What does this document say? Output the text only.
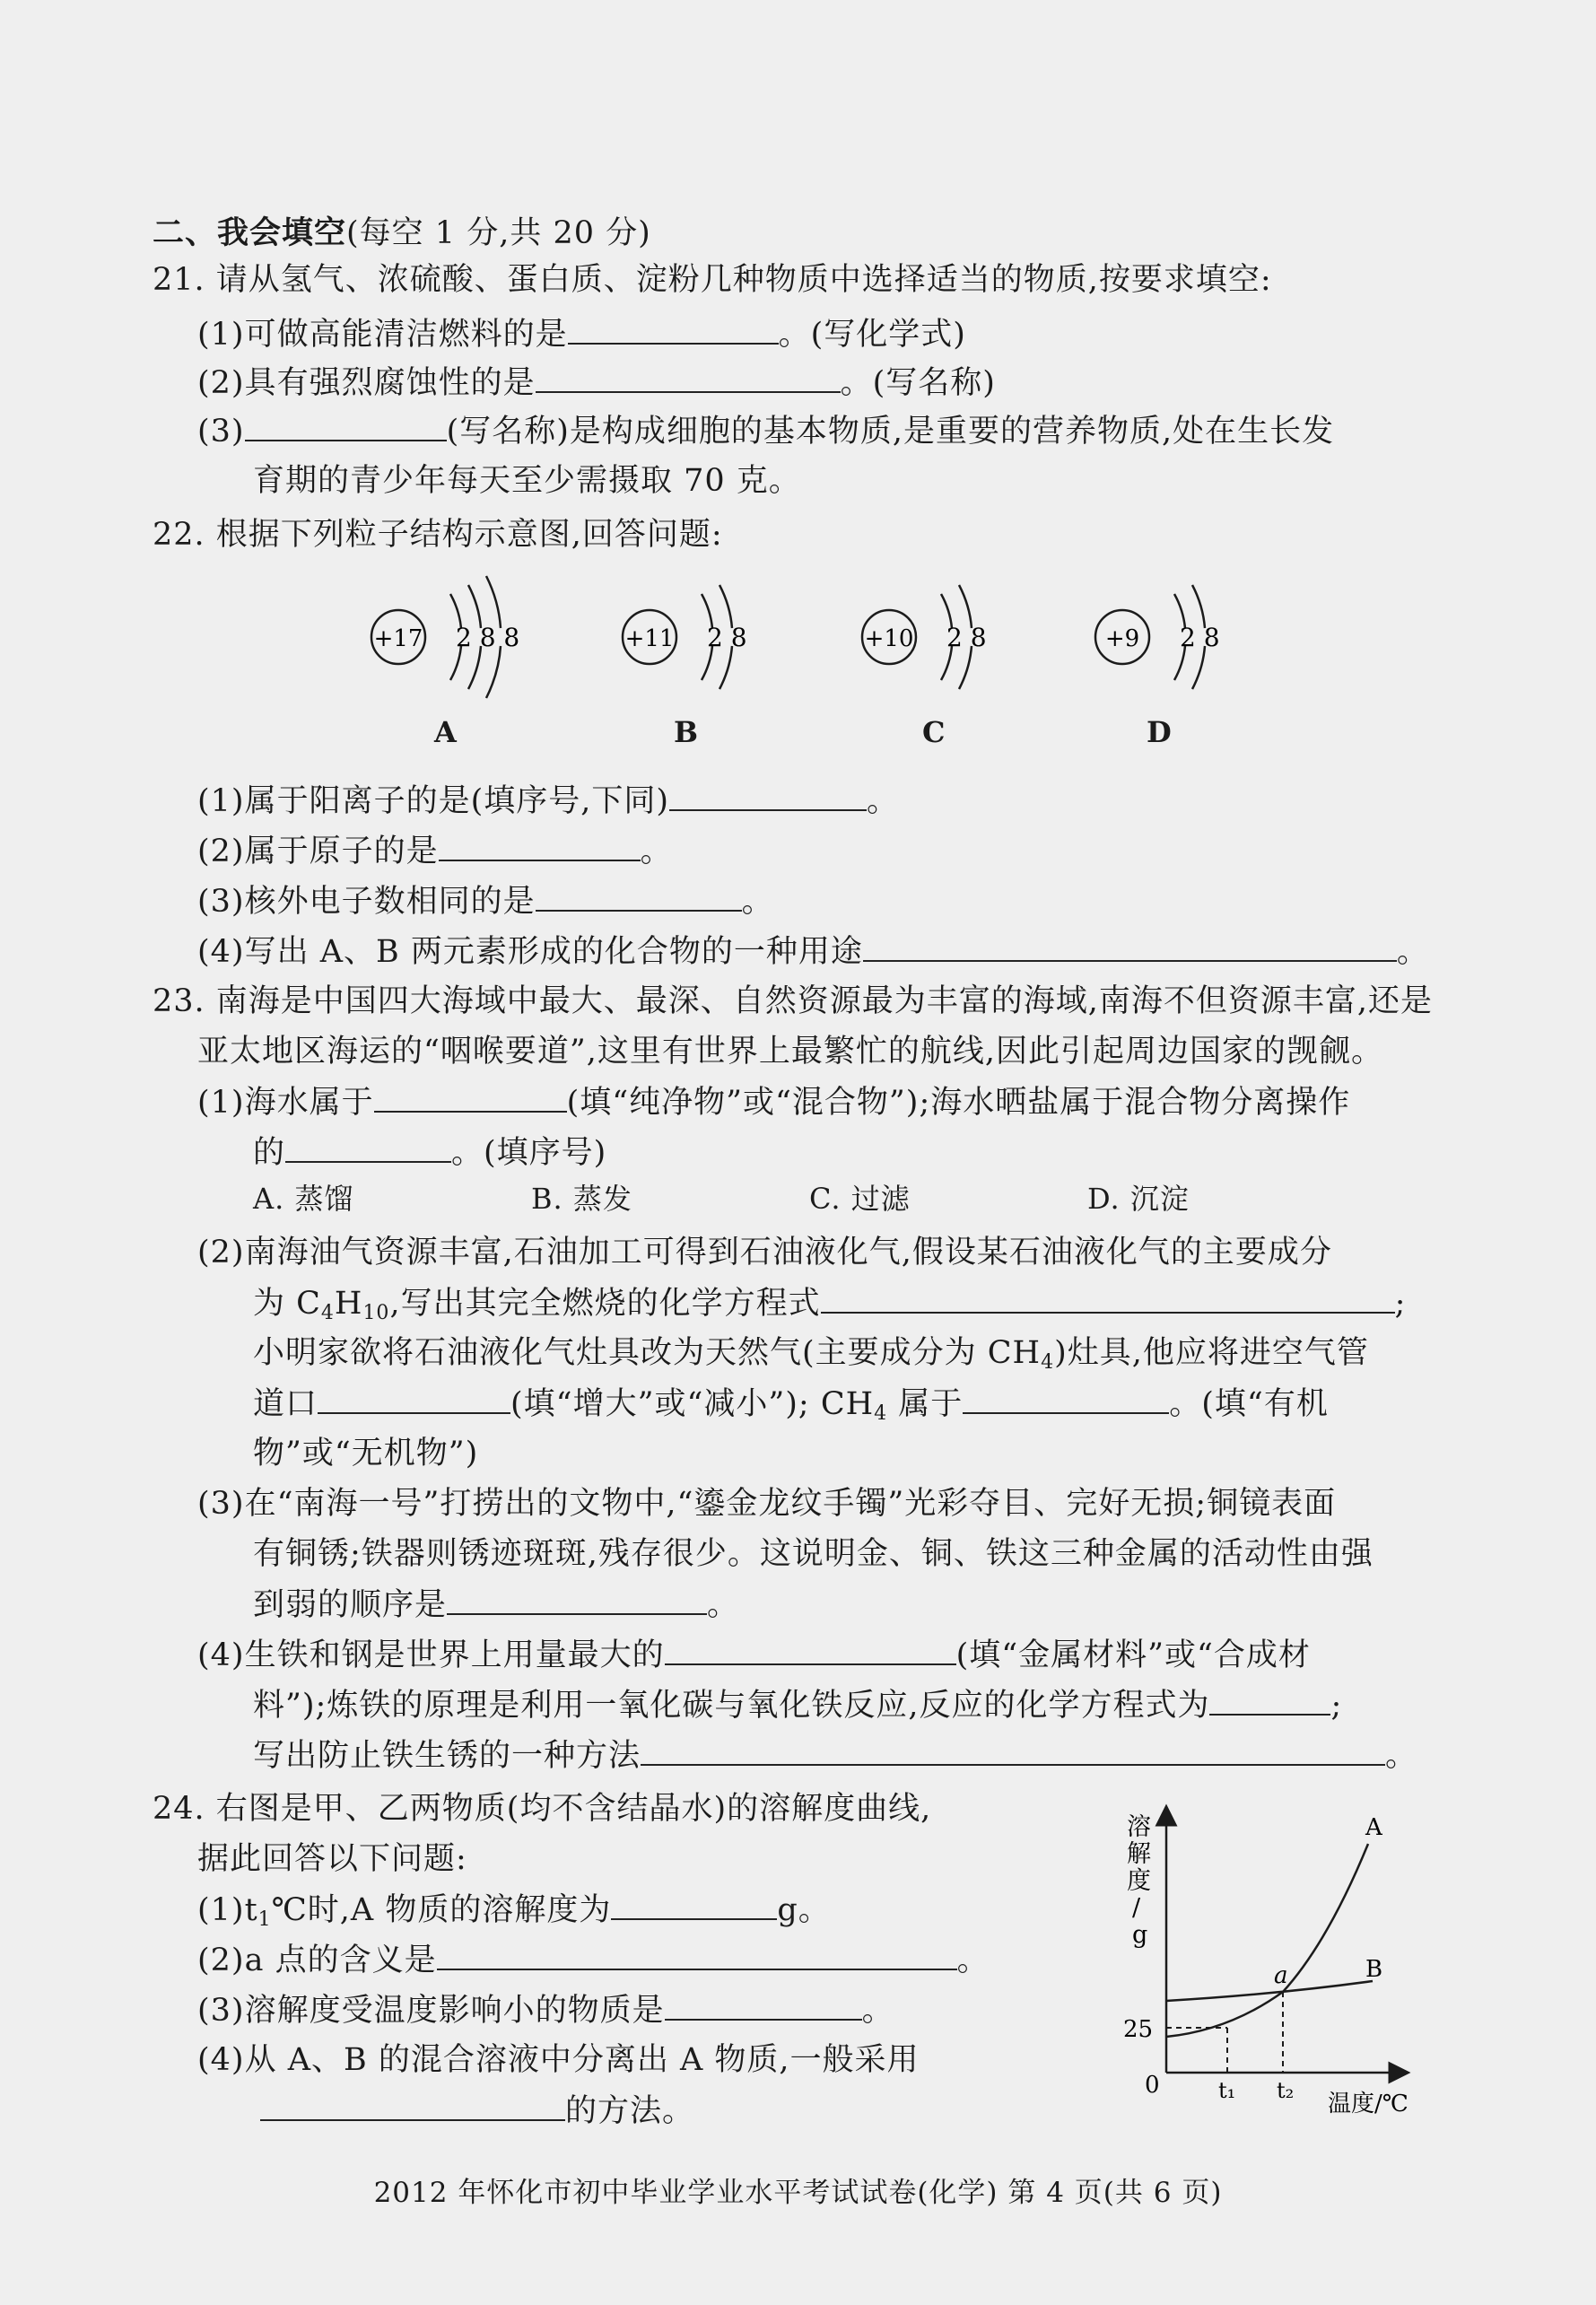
二、我会填空(每空 1 分,共 20 分)
21. 请从氢气、浓硫酸、蛋白质、淀粉几种物质中选择适当的物质,按要求填空:
(1)可做高能清洁燃料的是	。(写化学式)
(2)具有强烈腐蚀性的是	。(写名称)
(3)	(写名称)是构成细胞的基本物质,是重要的营养物质,处在生长发
育期的青少年每天至少需摄取 70 克。
22. 根据下列粒子结构示意图,回答问题:
+17 2 8 8
A
+11 2 8
B
+10 2 8
C
+9 2 8
D
(1)属于阳离子的是(填序号,下同)	。
(2)属于原子的是	。
(3)核外电子数相同的是	。
(4)写出 A、B 两元素形成的化合物的一种用途	。
23. 南海是中国四大海域中最大、最深、自然资源最为丰富的海域,南海不但资源丰富,还是
亚太地区海运的“咽喉要道”,这里有世界上最繁忙的航线,因此引起周边国家的觊觎。
(1)海水属于	(填“纯净物”或“混合物”);海水晒盐属于混合物分离操作
的	。(填序号)
A. 蒸馏	B. 蒸发	C. 过滤	D. 沉淀
(2)南海油气资源丰富,石油加工可得到石油液化气,假设某石油液化气的主要成分
为 $C_4H_{10}$,写出其完全燃烧的化学方程式	;
小明家欲将石油液化气灶具改为天然气(主要成分为 $CH_4$)灶具,他应将进空气管
道口	(填“增大”或“减小”); $CH_4$ 属于	。(填“有机
物”或“无机物”)
(3)在“南海一号”打捞出的文物中,“鎏金龙纹手镯”光彩夺目、完好无损;铜镜表面
有铜锈;铁器则锈迹斑斑,残存很少。这说明金、铜、铁这三种金属的活动性由强
到弱的顺序是	。
(4)生铁和钢是世界上用量最大的	(填“金属材料”或“合成材
料”);炼铁的原理是利用一氧化碳与氧化铁反应,反应的化学方程式为	;
写出防止铁生锈的一种方法	。
24. 右图是甲、乙两物质(均不含结晶水)的溶解度曲线,
据此回答以下问题:
$(1)t_1℃$时,A 物质的溶解度为	g。
(2)a 点的含义是	。
(3)溶解度受温度影响小的物质是	。
(4)从 A、B 的混合溶液中分离出 A 物质,一般采用
的方法。
溶解度/ g
0
25
t₁ t₂ 温度/℃
A
B
a
2012 年怀化市初中毕业学业水平考试试卷(化学) 第 4 页(共 6 页)
